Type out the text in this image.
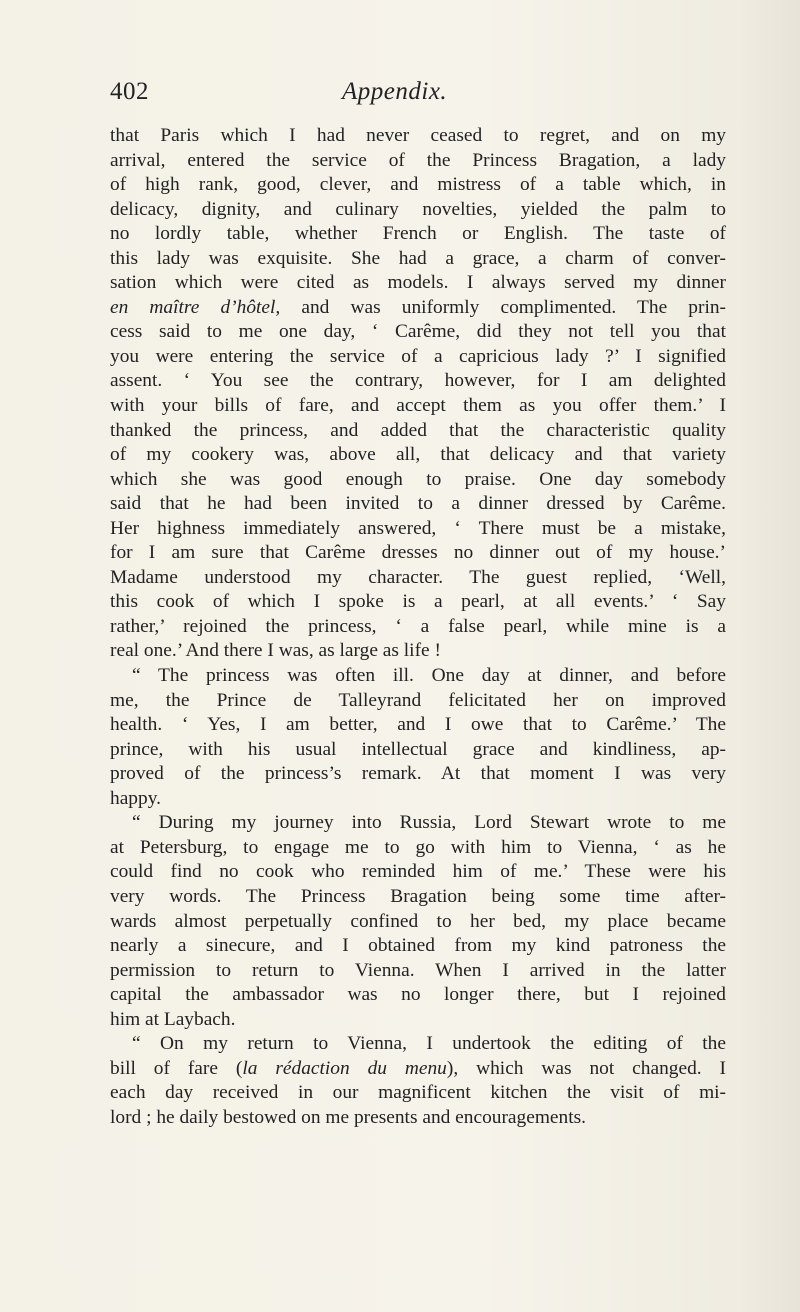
402	Appendix.
that Paris which I had never ceased to regret, and on my
arrival, entered the service of the Princess Bragation, a lady
of high rank, good, clever, and mistress of a table which, in
delicacy, dignity, and culinary novelties, yielded the palm to
no lordly table, whether French or English. The taste of
this lady was exquisite. She had a grace, a charm of conver-
sation which were cited as models. I always served my dinner
en maître d’hôtel, and was uniformly complimented. The prin-
cess said to me one day, ‘ Carême, did they not tell you that
you were entering the service of a capricious lady ?’ I signified
assent. ‘ You see the contrary, however, for I am delighted
with your bills of fare, and accept them as you offer them.’ I
thanked the princess, and added that the characteristic quality
of my cookery was, above all, that delicacy and that variety
which she was good enough to praise. One day somebody
said that he had been invited to a dinner dressed by Carême.
Her highness immediately answered, ‘ There must be a mistake,
for I am sure that Carême dresses no dinner out of my house.’
Madame understood my character. The guest replied, ‘Well,
this cook of which I spoke is a pearl, at all events.’ ‘ Say
rather,’ rejoined the princess, ‘ a false pearl, while mine is a
real one.’ And there I was, as large as life !
“ The princess was often ill. One day at dinner, and before
me, the Prince de Talleyrand felicitated her on improved
health. ‘ Yes, I am better, and I owe that to Carême.’ The
prince, with his usual intellectual grace and kindliness, ap-
proved of the princess’s remark. At that moment I was very
happy.
“ During my journey into Russia, Lord Stewart wrote to me
at Petersburg, to engage me to go with him to Vienna, ‘ as he
could find no cook who reminded him of me.’ These were his
very words. The Princess Bragation being some time after-
wards almost perpetually confined to her bed, my place became
nearly a sinecure, and I obtained from my kind patroness the
permission to return to Vienna. When I arrived in the latter
capital the ambassador was no longer there, but I rejoined
him at Laybach.
“ On my return to Vienna, I undertook the editing of the
bill of fare (la rédaction du menu), which was not changed. I
each day received in our magnificent kitchen the visit of mi-
lord ; he daily bestowed on me presents and encouragements.
